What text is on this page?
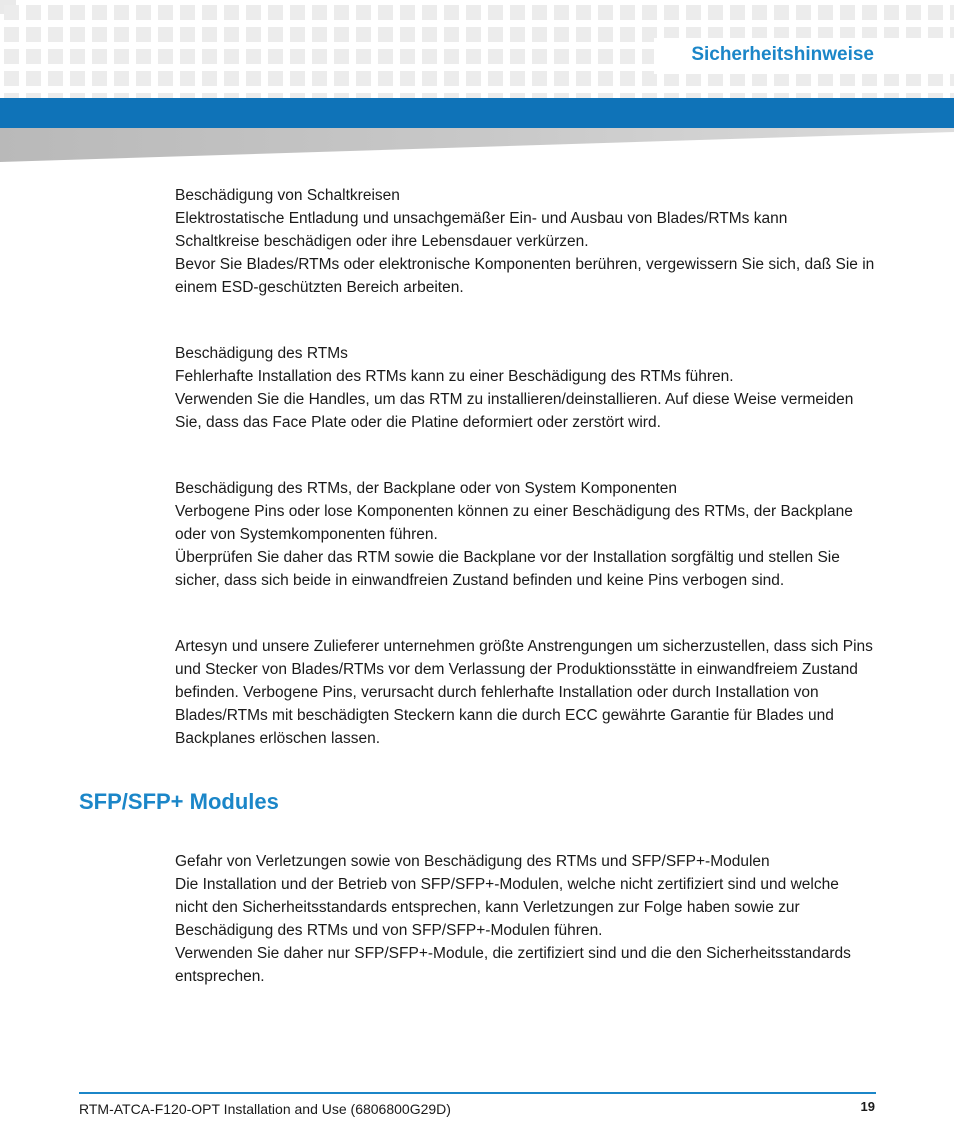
Sicherheitshinweise

Beschädigung von Schaltkreisen

Elektrostatische Entladung und unsachgemäßer Ein- und Ausbau von Blades/RTMs kann Schaltkreise beschädigen oder ihre Lebensdauer verkürzen.

Bevor Sie Blades/RTMs oder elektronische Komponenten berühren, vergewissern Sie sich, daß Sie in einem ESD-geschützten Bereich arbeiten.

Beschädigung des RTMs

Fehlerhafte Installation des RTMs kann zu einer Beschädigung des RTMs führen.

Verwenden Sie die Handles, um das RTM zu installieren/deinstallieren. Auf diese Weise vermeiden Sie, dass das Face Plate oder die Platine deformiert oder zerstört wird.

Beschädigung des RTMs, der Backplane oder von System Komponenten

Verbogene Pins oder lose Komponenten können zu einer Beschädigung des RTMs, der Backplane oder von Systemkomponenten führen.

Überprüfen Sie daher das RTM sowie die Backplane vor der Installation sorgfältig und stellen Sie sicher, dass sich beide in einwandfreien Zustand befinden und keine Pins verbogen sind.

Artesyn und unsere Zulieferer unternehmen größte Anstrengungen um sicherzustellen, dass sich Pins und Stecker von Blades/RTMs vor dem Verlassung der Produktionsstätte in einwandfreiem Zustand befinden. Verbogene Pins, verursacht durch fehlerhafte Installation oder durch Installation von Blades/RTMs mit beschädigten Steckern kann die durch ECC gewährte Garantie für Blades und Backplanes erlöschen lassen.

SFP/SFP+ Modules

Gefahr von Verletzungen sowie von Beschädigung des RTMs und SFP/SFP+-Modulen

Die Installation und der Betrieb von SFP/SFP+-Modulen, welche nicht zertifiziert sind und welche nicht den Sicherheitsstandards entsprechen, kann Verletzungen zur Folge haben sowie zur Beschädigung des RTMs und von SFP/SFP+-Modulen führen.

Verwenden Sie daher nur SFP/SFP+-Module, die zertifiziert sind und die den Sicherheitsstandards entsprechen.

RTM-ATCA-F120-OPT Installation and Use (6806800G29D)	19
